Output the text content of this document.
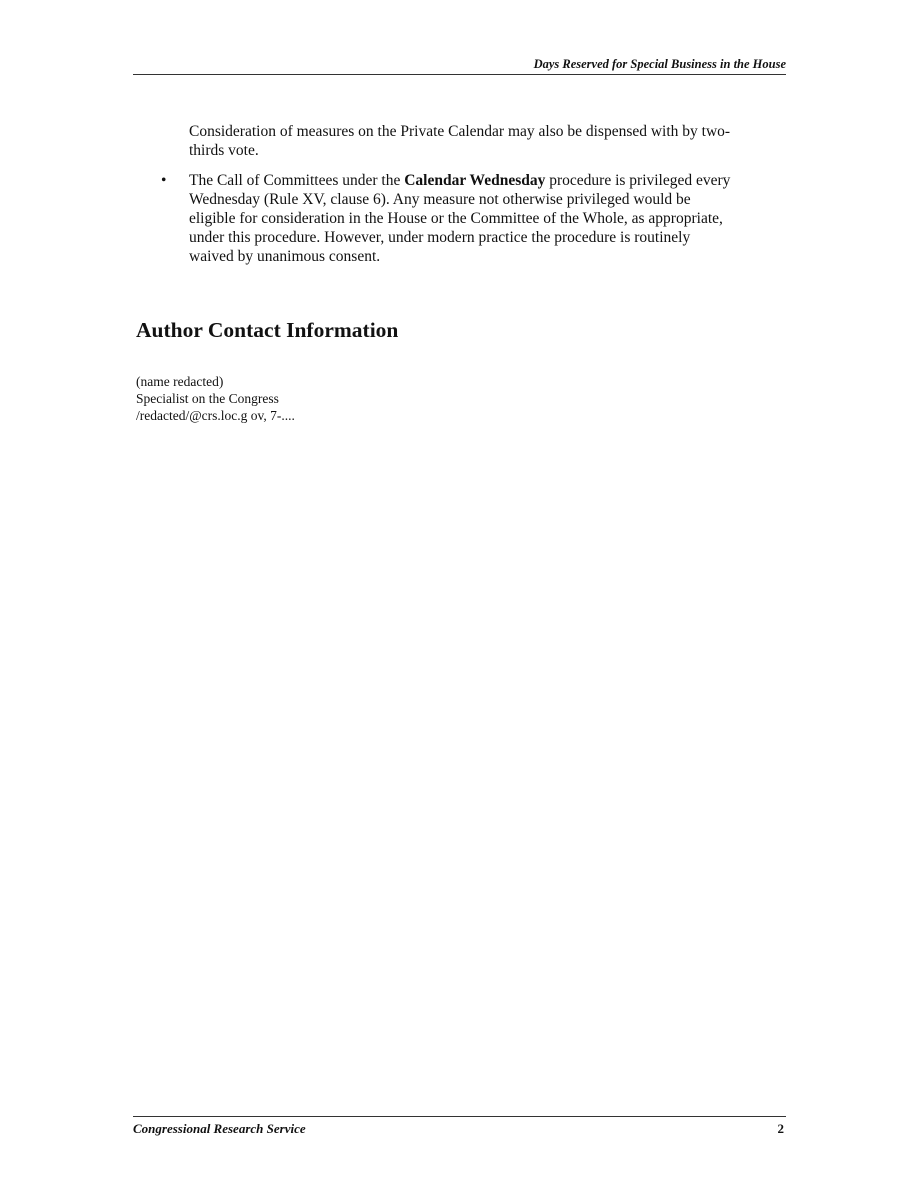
Days Reserved for Special Business in the House
Consideration of measures on the Private Calendar may also be dispensed with by two-thirds vote.
• The Call of Committees under the Calendar Wednesday procedure is privileged every Wednesday (Rule XV, clause 6). Any measure not otherwise privileged would be eligible for consideration in the House or the Committee of the Whole, as appropriate, under this procedure. However, under modern practice the procedure is routinely waived by unanimous consent.
Author Contact Information
(name redacted)
Specialist on the Congress
/redacted/@crs.loc.g ov, 7-....
Congressional Research Service	2
